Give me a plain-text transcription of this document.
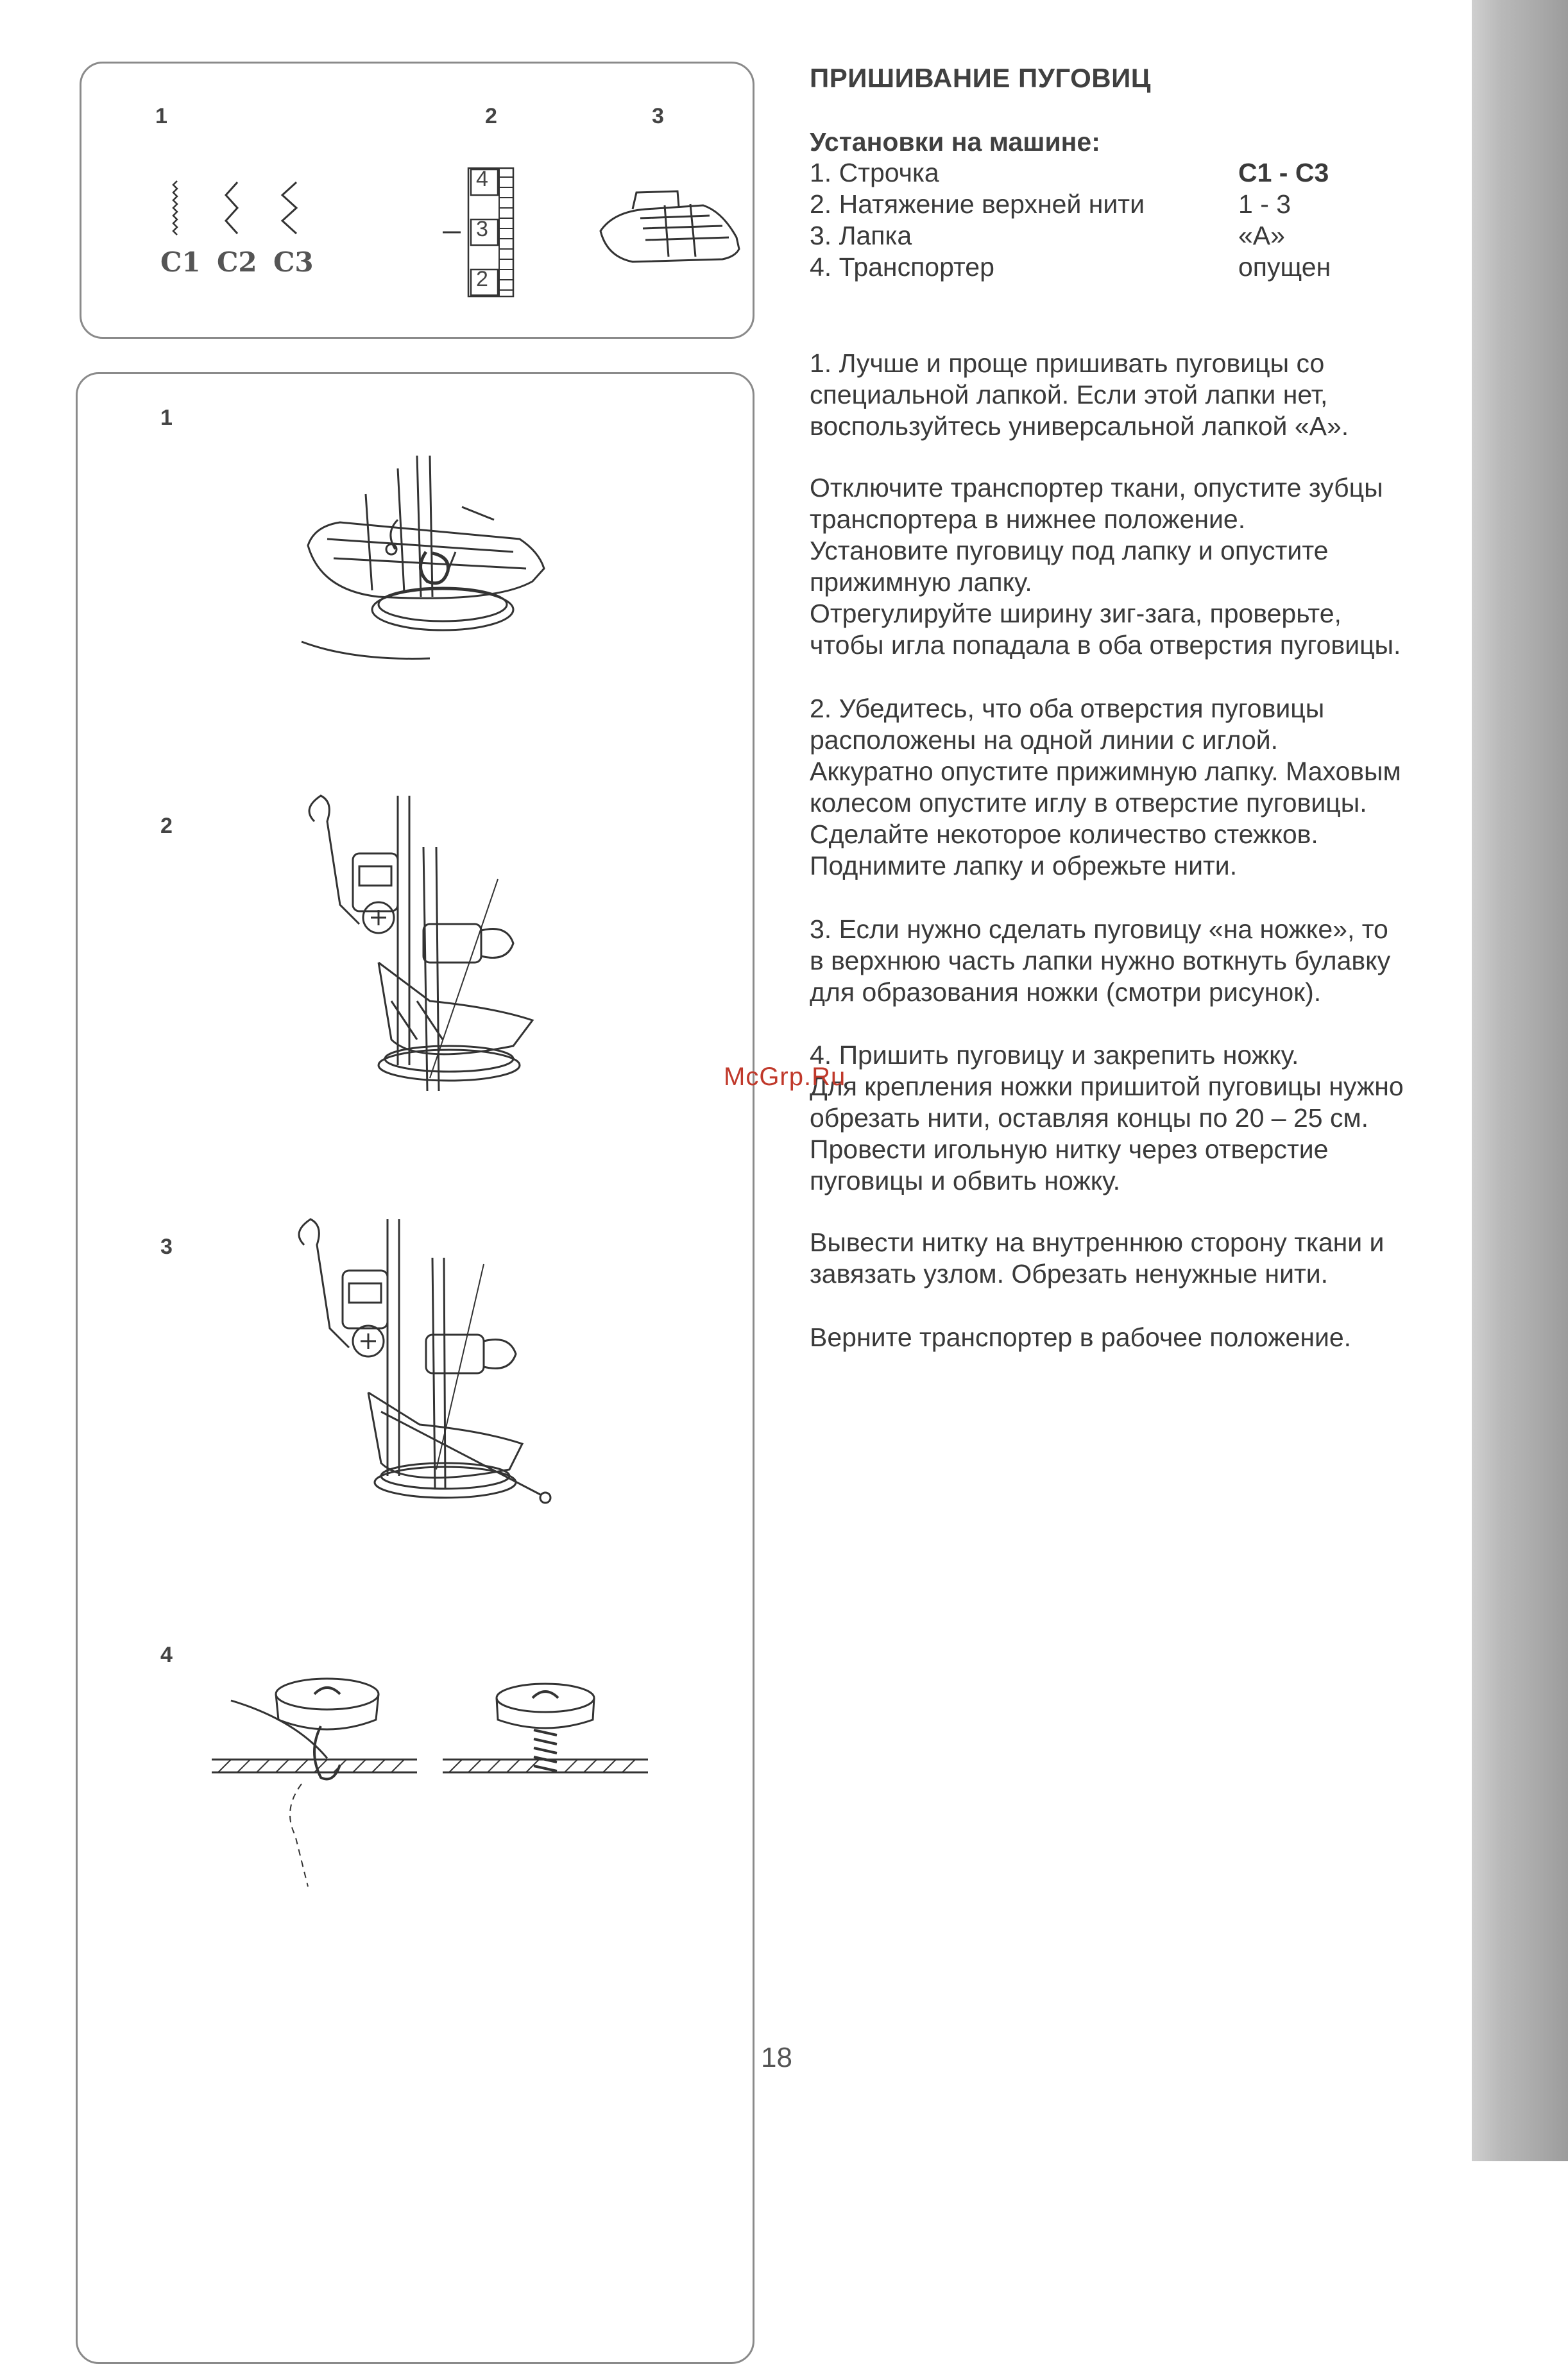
1	2	3
C1 C2 C3
4
3
2
1
2
3
4
ПРИШИВАНИЕ ПУГОВИЦ
Установки на машине:
1. Строчка	C1 - C3
2. Натяжение верхней нити	1 - 3
3. Лапка	«A»
4. Транспортер	опущен

1. Лучше и проще пришивать пуговицы со

специальной лапкой. Если этой лапки нет,

воспользуйтесь универсальной лапкой «A».

Отключите транспортер ткани, опустите зубцы

транспортера в нижнее положение.

Установите пуговицу под лапку и опустите

прижимную лапку.

Отрегулируйте ширину зиг-зага, проверьте,

чтобы игла попадала в оба отверстия пуговицы.

2. Убедитесь, что оба отверстия пуговицы

расположены на одной линии с иглой.

Аккуратно опустите прижимную лапку. Маховым

колесом опустите иглу в отверстие пуговицы.

Сделайте некоторое количество стежков.

Поднимите лапку и обрежьте нити.

3. Если нужно сделать пуговицу «на ножке», то

в верхнюю часть лапки нужно воткнуть булавку

для образования ножки (смотри рисунок).

4. Пришить пуговицу и закрепить ножку.

Для крепления ножки пришитой пуговицы нужно

обрезать нити, оставляя концы по 20 – 25 см.

Провести игольную нитку через отверстие

пуговицы и обвить ножку.

Вывести нитку на внутреннюю сторону ткани и

завязать узлом. Обрезать ненужные нити.

Верните транспортер в рабочее положение.

McGrp.Ru
18
